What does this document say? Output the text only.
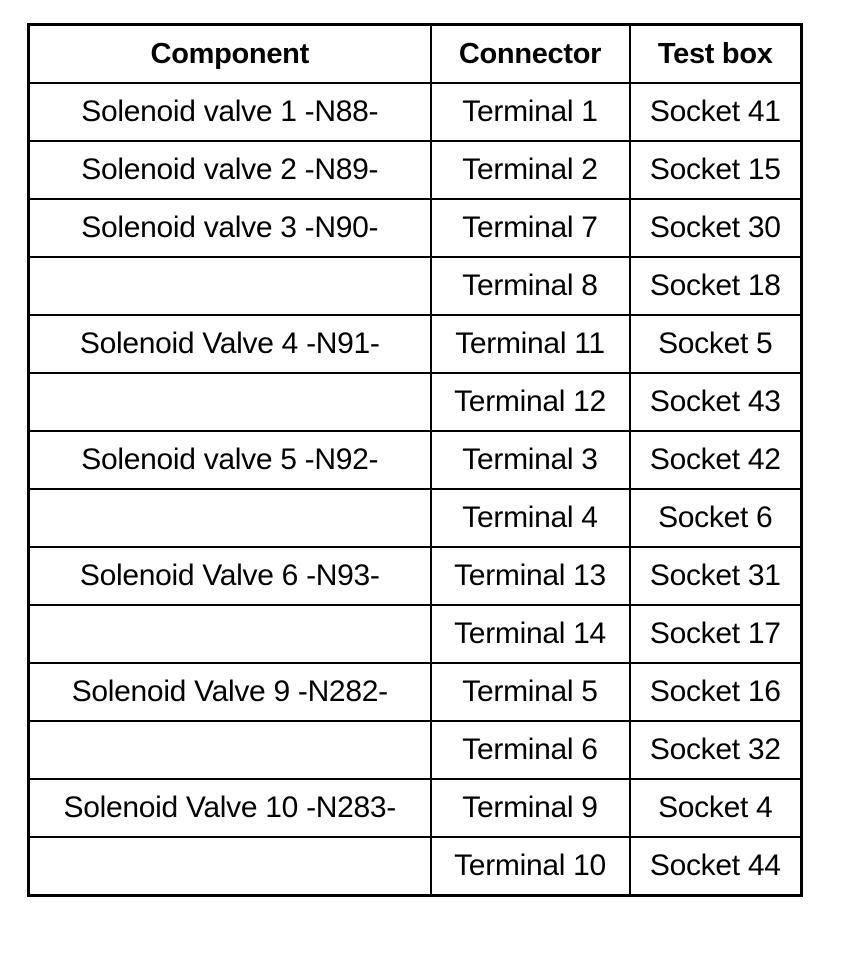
Component	Connector	Test box
Solenoid valve 1 -N88-	Terminal 1	Socket 41
Solenoid valve 2 -N89-	Terminal 2	Socket 15
Solenoid valve 3 -N90-	Terminal 7	Socket 30
	Terminal 8	Socket 18
Solenoid Valve 4 -N91-	Terminal 11	Socket 5
	Terminal 12	Socket 43
Solenoid valve 5 -N92-	Terminal 3	Socket 42
	Terminal 4	Socket 6
Solenoid Valve 6 -N93-	Terminal 13	Socket 31
	Terminal 14	Socket 17
Solenoid Valve 9 -N282-	Terminal 5	Socket 16
	Terminal 6	Socket 32
Solenoid Valve 10 -N283-	Terminal 9	Socket 4
	Terminal 10	Socket 44
